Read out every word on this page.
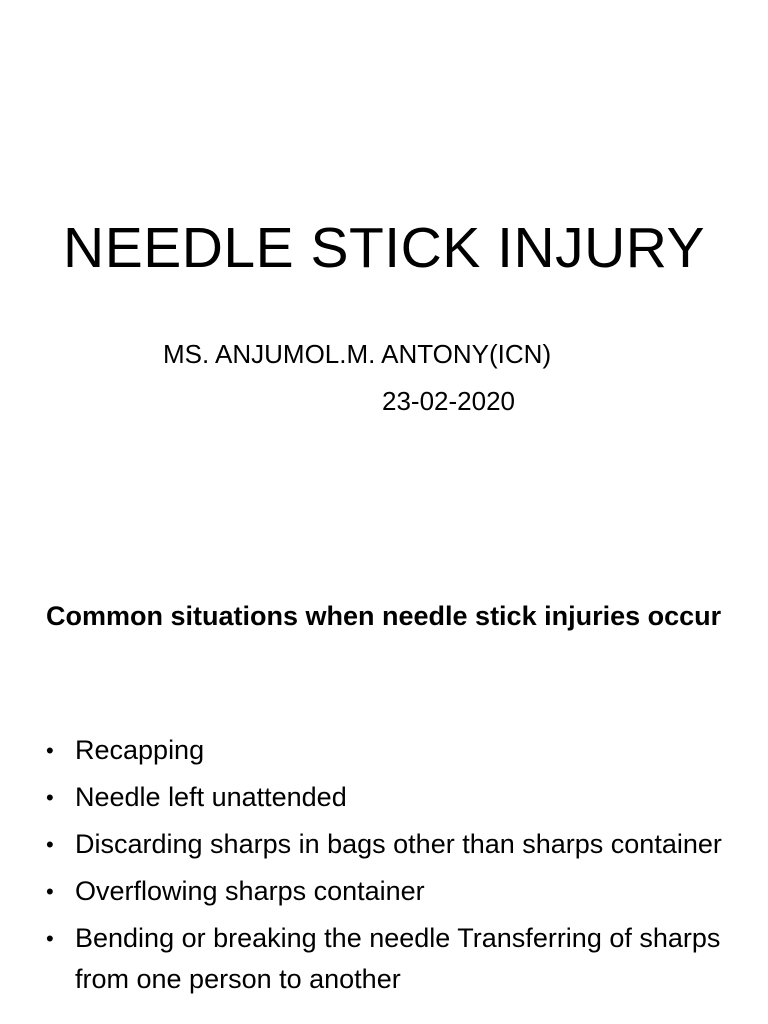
NEEDLE STICK INJURY
MS. ANJUMOL.M. ANTONY(ICN)
23-02-2020
Common situations when needle stick injuries occur
• Recapping
• Needle left unattended
• Discarding sharps in bags other than sharps container
• Overflowing sharps container
• Bending or breaking the needle Transferring of sharps from one person to another
